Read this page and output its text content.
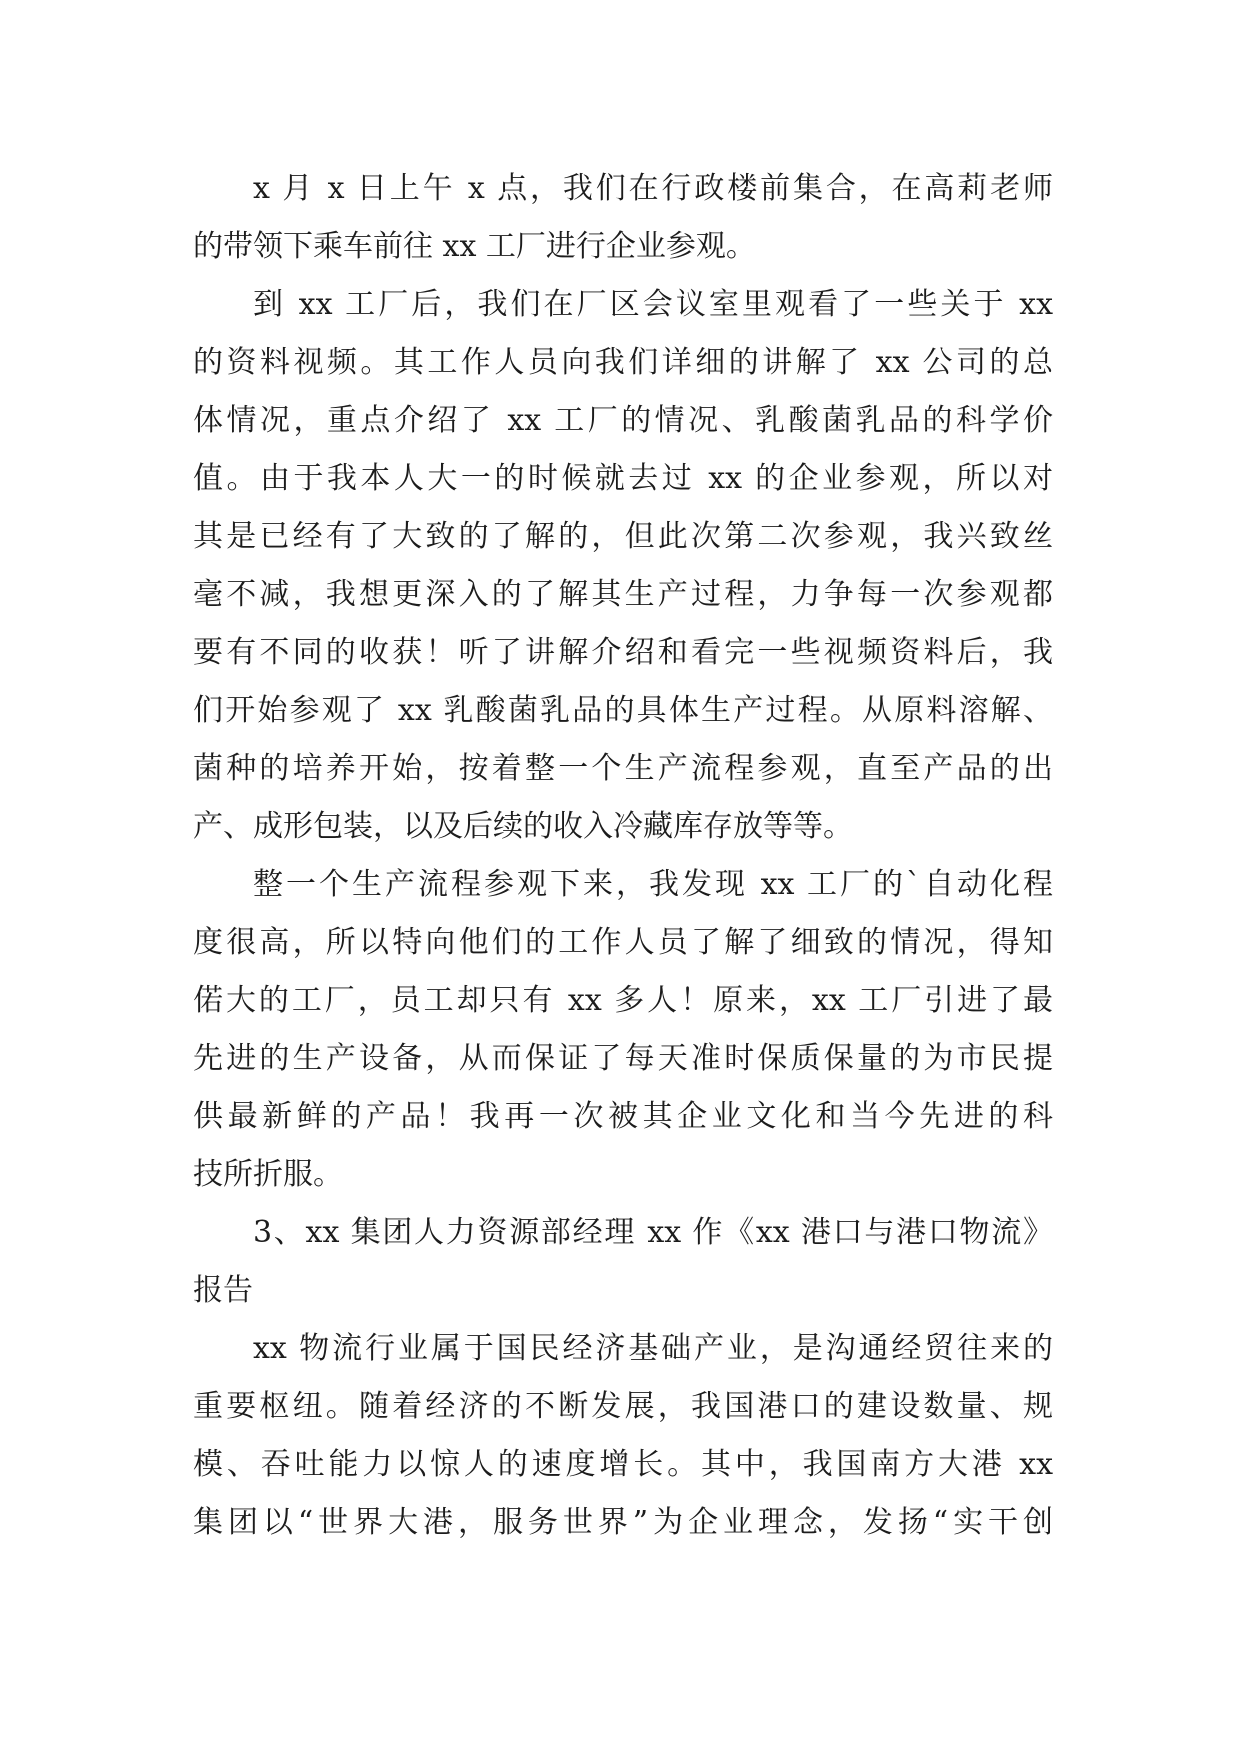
x 月 x 日上午 x 点，我们在行政楼前集合，在高莉老师
的带领下乘车前往 xx 工厂进行企业参观。
到 xx 工厂后，我们在厂区会议室里观看了一些关于 xx
的资料视频。其工作人员向我们详细的讲解了 xx 公司的总
体情况，重点介绍了 xx 工厂的情况、乳酸菌乳品的科学价
值。由于我本人大一的时候就去过 xx 的企业参观，所以对
其是已经有了大致的了解的，但此次第二次参观，我兴致丝
毫不减，我想更深入的了解其生产过程，力争每一次参观都
要有不同的收获！听了讲解介绍和看完一些视频资料后，我
们开始参观了 xx 乳酸菌乳品的具体生产过程。从原料溶解、
菌种的培养开始，按着整一个生产流程参观，直至产品的出
产、成形包装，以及后续的收入冷藏库存放等等。
整一个生产流程参观下来，我发现 xx 工厂的`自动化程
度很高，所以特向他们的工作人员了解了细致的情况，得知
偌大的工厂，员工却只有 xx 多人！原来，xx 工厂引进了最
先进的生产设备，从而保证了每天准时保质保量的为市民提
供最新鲜的产品！我再一次被其企业文化和当今先进的科
技所折服。
3、xx 集团人力资源部经理 xx 作《xx 港口与港口物流》
报告
xx 物流行业属于国民经济基础产业，是沟通经贸往来的
重要枢纽。随着经济的不断发展，我国港口的建设数量、规
模、吞吐能力以惊人的速度增长。其中，我国南方大港 xx
集团以“世界大港，服务世界”为企业理念，发扬“实干创
